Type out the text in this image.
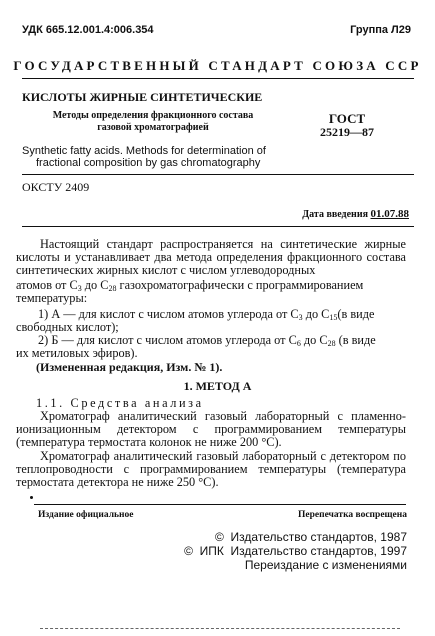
УДК 665.12.001.4:006.354	Группа Л29
ГОСУДАРСТВЕННЫЙ СТАНДАРТ СОЮЗА ССР
КИСЛОТЫ ЖИРНЫЕ СИНТЕТИЧЕСКИЕ
Методы определения фракционного состава
газовой хроматографией
ГОСТ
25219—87
Synthetic fatty acids. Methods for determination of
fractional composition by gas chromatography
ОКСТУ 2409
Дата введения 01.07.88
Настоящий стандарт распространяется на синтетические жирные кислоты и устанавливает два метода определения фракционного состава синтетических жирных кислот с числом углеводородных
атомов от $С_3$ до $С_{28}$ газохроматографически с программированием
температуры:
1) А — для кислот с числом атомов углерода от $С_3$ до $С_{15}(в$ виде
свободных кислот);
2) Б — для кислот с числом атомов углерода от $С_6$ до $С_{28}$ (в виде
их метиловых эфиров).
(Измененная редакция, Изм. № 1).
1. МЕТОД А
1.1. Средства анализа
Хроматограф аналитический газовый лабораторный с пламенно-ионизационным детектором с программированием температуры (температура термостата колонок не ниже 200 °С).
Хроматограф аналитический газовый лабораторный с детектором по теплопроводности с программированием температуры (температура термостата детектора не ниже 250 °С).
Издание официальное	Перепечатка воспрещена
©  Издательство стандартов, 1987
©  ИПК  Издательство стандартов, 1997
Переиздание с изменениями
